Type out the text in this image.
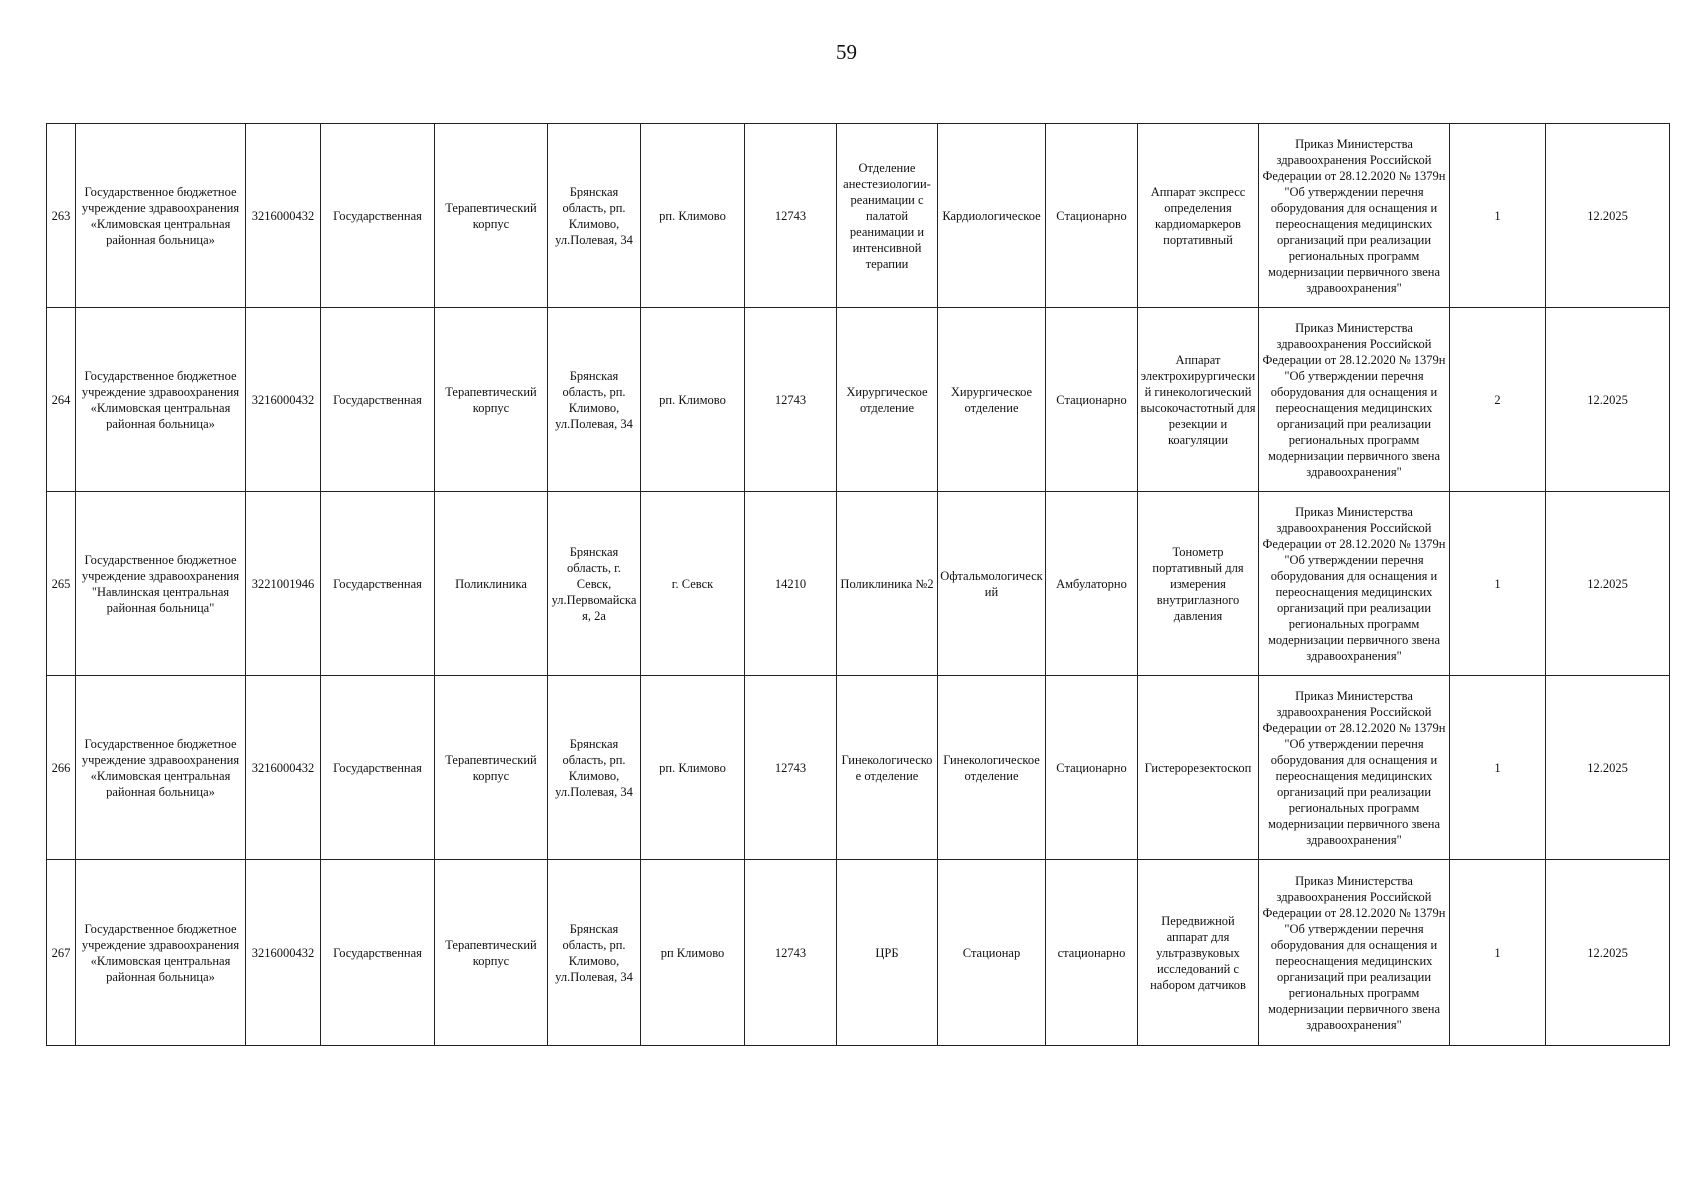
59
263	Государственное бюджетное учреждение здравоохранения «Климовская центральная районная больница»	3216000432	Государственная	Терапевтический корпус	Брянская область, рп. Климово, ул.Полевая, 34	рп. Климово	12743	Отделение анестезиологии-реанимации с палатой реанимации и интенсивной терапии	Кардиологическое	Стационарно	Аппарат экспресс определения кардиомаркеров портативный	Приказ Министерства здравоохранения Российской Федерации от 28.12.2020 № 1379н "Об утверждении перечня оборудования для оснащения и переоснащения медицинских организаций при реализации региональных программ модернизации первичного звена здравоохранения"	1	12.2025
264	Государственное бюджетное учреждение здравоохранения «Климовская центральная районная больница»	3216000432	Государственная	Терапевтический корпус	Брянская область, рп. Климово, ул.Полевая, 34	рп. Климово	12743	Хирургическое отделение	Хирургическое отделение	Стационарно	Аппарат электрохирургический гинекологический высокочастотный для резекции и коагуляции	Приказ Министерства здравоохранения Российской Федерации от 28.12.2020 № 1379н "Об утверждении перечня оборудования для оснащения и переоснащения медицинских организаций при реализации региональных программ модернизации первичного звена здравоохранения"	2	12.2025
265	Государственное бюджетное учреждение здравоохранения "Навлинская центральная районная больница"	3221001946	Государственная	Поликлиника	Брянская область, г. Севск, ул.Первомайская, 2а	г. Севск	14210	Поликлиника №2	Офтальмологический	Амбулаторно	Тонометр портативный для измерения внутриглазного давления	Приказ Министерства здравоохранения Российской Федерации от 28.12.2020 № 1379н "Об утверждении перечня оборудования для оснащения и переоснащения медицинских организаций при реализации региональных программ модернизации первичного звена здравоохранения"	1	12.2025
266	Государственное бюджетное учреждение здравоохранения «Климовская центральная районная больница»	3216000432	Государственная	Терапевтический корпус	Брянская область, рп. Климово, ул.Полевая, 34	рп. Климово	12743	Гинекологическое отделение	Гинекологическое отделение	Стационарно	Гистерорезектоскоп	Приказ Министерства здравоохранения Российской Федерации от 28.12.2020 № 1379н "Об утверждении перечня оборудования для оснащения и переоснащения медицинских организаций при реализации региональных программ модернизации первичного звена здравоохранения"	1	12.2025
267	Государственное бюджетное учреждение здравоохранения «Климовская центральная районная больница»	3216000432	Государственная	Терапевтический корпус	Брянская область, рп. Климово, ул.Полевая, 34	рп Климово	12743	ЦРБ	Стационар	стационарно	Передвижной аппарат для ультразвуковых исследований с набором датчиков	Приказ Министерства здравоохранения Российской Федерации от 28.12.2020 № 1379н "Об утверждении перечня оборудования для оснащения и переоснащения медицинских организаций при реализации региональных программ модернизации первичного звена здравоохранения"	1	12.2025
